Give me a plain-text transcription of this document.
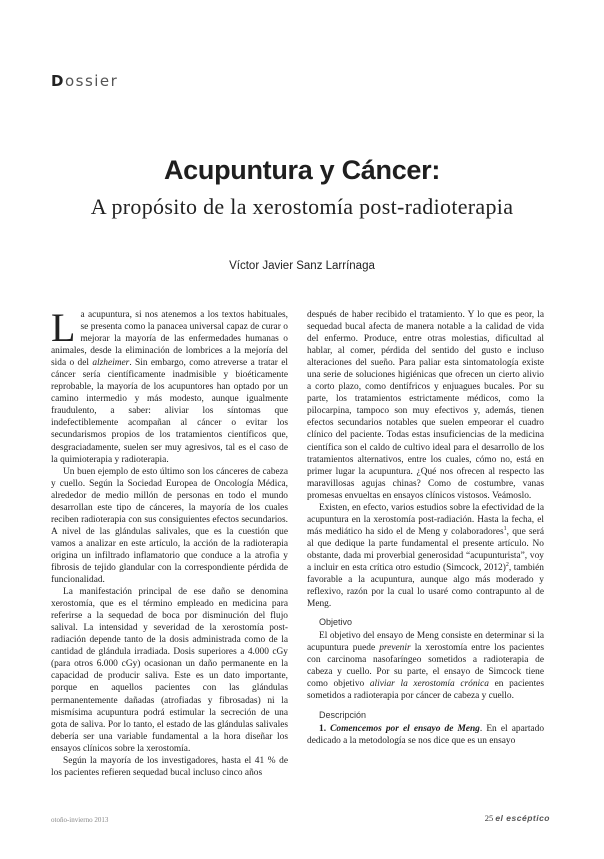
Dossier
Acupuntura y Cáncer:
A propósito de la xerostomía post-radioterapia
Víctor Javier Sanz Larrínaga

La acupuntura, si nos atenemos a los textos habituales, se presenta como la panacea universal capaz de curar o mejorar la mayoría de las enfermedades humanas o animales, desde la eliminación de lombrices a la mejoría del sida o del alzheimer. Sin embargo, como atreverse a tratar el cáncer sería científicamente inadmisible y bioéticamente reprobable, la mayoría de los acupuntores han optado por un camino intermedio y más modesto, aunque igualmente fraudulento, a saber: aliviar los síntomas que indefectiblemente acompañan al cáncer o evitar los secundarismos propios de los tratamientos científicos que, desgraciadamente, suelen ser muy agresivos, tal es el caso de la quimioterapia y radioterapia.

Un buen ejemplo de esto último son los cánceres de cabeza y cuello. Según la Sociedad Europea de Oncología Médica, alrededor de medio millón de personas en todo el mundo desarrollan este tipo de cánceres, la mayoría de los cuales reciben radioterapia con sus consiguientes efectos secundarios. A nivel de las glándulas salivales, que es la cuestión que vamos a analizar en este artículo, la acción de la radioterapia origina un infiltrado inflamatorio que conduce a la atrofia y fibrosis de tejido glandular con la correspondiente pérdida de funcionalidad.

La manifestación principal de ese daño se denomina xerostomía, que es el término empleado en medicina para referirse a la sequedad de boca por disminución del flujo salival. La intensidad y severidad de la xerostomía post-radiación depende tanto de la dosis administrada como de la cantidad de glándula irradiada. Dosis superiores a 4.000 cGy (para otros 6.000 cGy) ocasionan un daño permanente en la capacidad de producir saliva. Este es un dato importante, porque en aquellos pacientes con las glándulas permanentemente dañadas (atrofiadas y fibrosadas) ni la mismísima acupuntura podrá estimular la secreción de una gota de saliva. Por lo tanto, el estado de las glándulas salivales debería ser una variable fundamental a la hora diseñar los ensayos clínicos sobre la xerostomía.

Según la mayoría de los investigadores, hasta el 41 % de los pacientes refieren sequedad bucal incluso cinco años

después de haber recibido el tratamiento. Y lo que es peor, la sequedad bucal afecta de manera notable a la calidad de vida del enfermo. Produce, entre otras molestias, dificultad al hablar, al comer, pérdida del sentido del gusto e incluso alteraciones del sueño. Para paliar esta sintomatología existe una serie de soluciones higiénicas que ofrecen un cierto alivio a corto plazo, como dentífricos y enjuagues bucales. Por su parte, los tratamientos estrictamente médicos, como la pilocarpina, tampoco son muy efectivos y, además, tienen efectos secundarios notables que suelen empeorar el cuadro clínico del paciente. Todas estas insuficiencias de la medicina científica son el caldo de cultivo ideal para el desarrollo de los tratamientos alternativos, entre los cuales, cómo no, está en primer lugar la acupuntura. ¿Qué nos ofrecen al respecto las maravillosas agujas chinas? Como de costumbre, vanas promesas envueltas en ensayos clínicos vistosos. Veámoslo.

Existen, en efecto, varios estudios sobre la efectividad de la acupuntura en la xerostomía post-radiación. Hasta la fecha, el más mediático ha sido el de Meng y colaboradores$^1$, que será al que dedique la parte fundamental el presente artículo. No obstante, dada mi proverbial generosidad “acupunturista”, voy a incluir en esta crítica otro estudio (Simcock, 2012)$^2$, también favorable a la acupuntura, aunque algo más moderado y reflexivo, razón por la cual lo usaré como contrapunto al de Meng.

Objetivo

El objetivo del ensayo de Meng consiste en determinar si la acupuntura puede prevenir la xerostomía entre los pacientes con carcinoma nasofaríngeo sometidos a radioterapia de cabeza y cuello. Por su parte, el ensayo de Simcock tiene como objetivo aliviar la xerostomía crónica en pacientes sometidos a radioterapia por cáncer de cabeza y cuello.

Descripción

1. Comencemos por el ensayo de Meng. En el apartado dedicado a la metodología se nos dice que es un ensayo

otoño-invierno 2013	25 el escéptico
